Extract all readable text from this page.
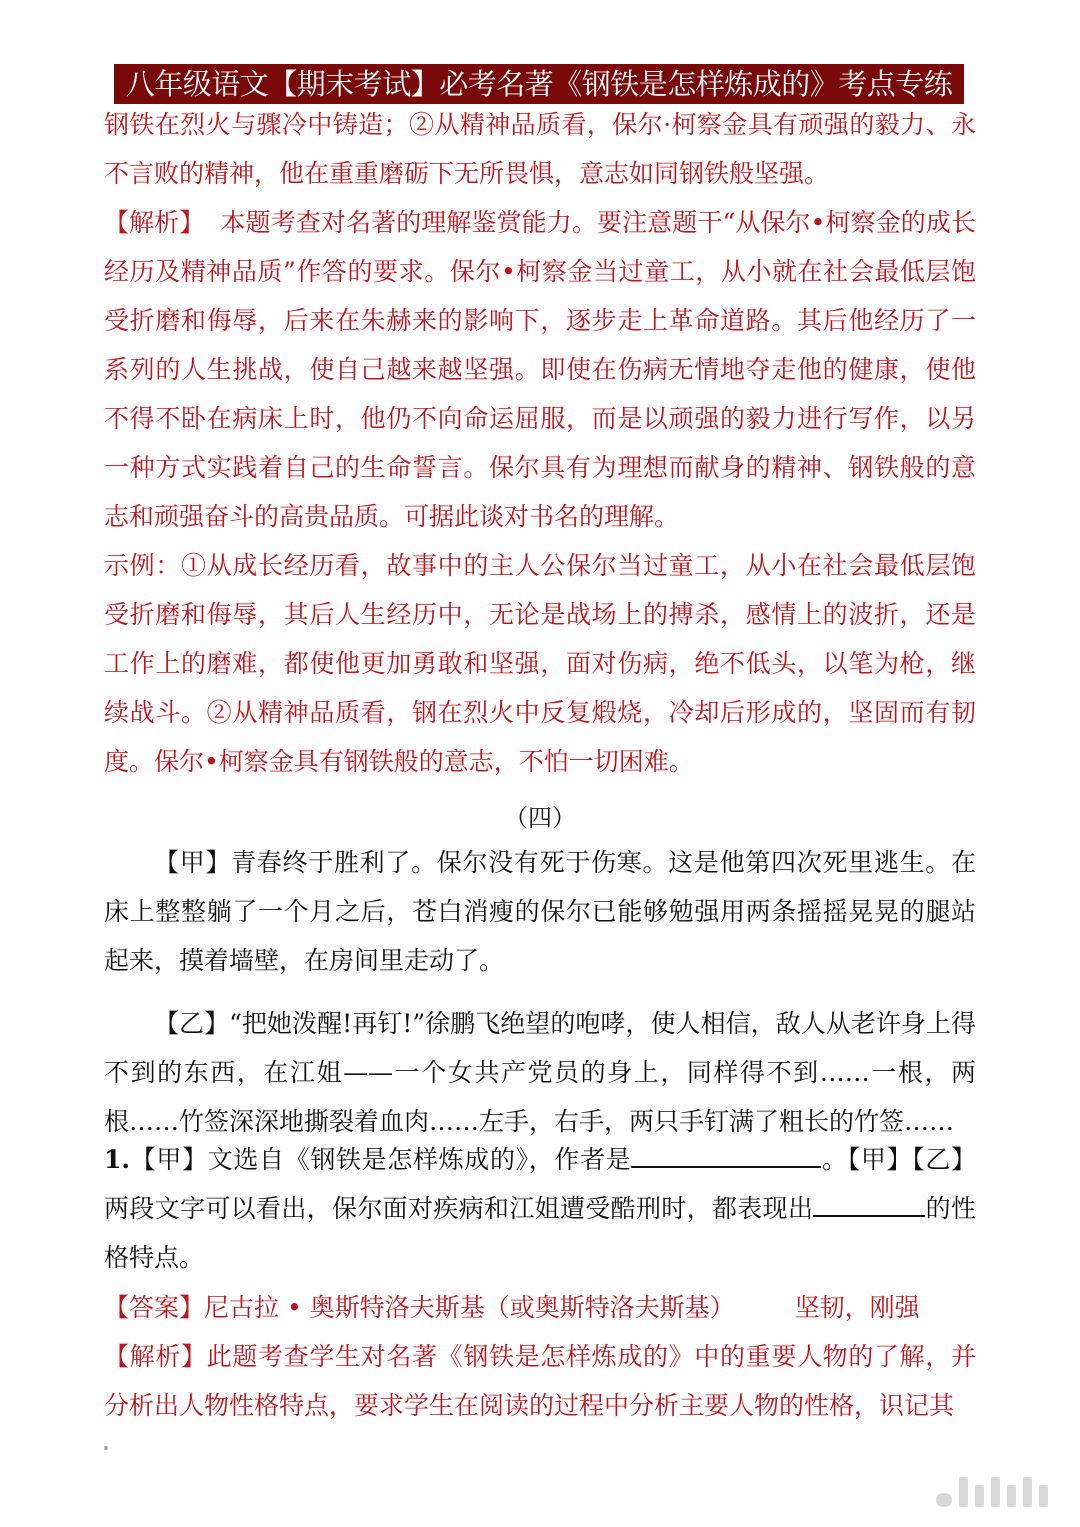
八年级语文【期末考试】必考名著《钢铁是怎样炼成的》考点专练

钢铁在烈火与骤冷中铸造；②从精神品质看，保尔·柯察金具有顽强的毅力、永不言败的精神，他在重重磨砺下无所畏惧，意志如同钢铁般坚强。

【解析】 本题考查对名著的理解鉴赏能力。要注意题干“从保尔•柯察金的成长经历及精神品质”作答的要求。保尔•柯察金当过童工，从小就在社会最低层饱受折磨和侮辱，后来在朱赫来的影响下，逐步走上革命道路。其后他经历了一系列的人生挑战，使自己越来越坚强。即使在伤病无情地夺走他的健康，使他不得不卧在病床上时，他仍不向命运屈服，而是以顽强的毅力进行写作，以另一种方式实践着自己的生命誓言。保尔具有为理想而献身的精神、钢铁般的意志和顽强奋斗的高贵品质。可据此谈对书名的理解。

示例：①从成长经历看，故事中的主人公保尔当过童工，从小在社会最低层饱受折磨和侮辱，其后人生经历中，无论是战场上的搏杀，感情上的波折，还是工作上的磨难，都使他更加勇敢和坚强，面对伤病，绝不低头，以笔为枪，继续战斗。②从精神品质看，钢在烈火中反复煅烧，冷却后形成的，坚固而有韧度。保尔•柯察金具有钢铁般的意志，不怕一切困难。

（四）

【甲】青春终于胜利了。保尔没有死于伤寒。这是他第四次死里逃生。在床上整整躺了一个月之后，苍白消瘦的保尔已能够勉强用两条摇摇晃晃的腿站起来，摸着墙壁，在房间里走动了。

【乙】“把她泼醒!再钉!”徐鹏飞绝望的咆哮，使人相信，敌人从老许身上得不到的东西，在江姐——一个女共产党员的身上，同样得不到……一根，两根……竹签深深地撕裂着血肉……左手，右手，两只手钉满了粗长的竹签……

1.【甲】文选自《钢铁是怎样炼成的》，作者是	。【甲】【乙】两段文字可以看出，保尔面对疾病和江姐遭受酷刑时，都表现出	的性格特点。

【答案】尼古拉 • 奥斯特洛夫斯基（或奥斯特洛夫斯基） 坚韧，刚强

【解析】此题考查学生对名著《钢铁是怎样炼成的》中的重要人物的了解，并分析出人物性格特点，要求学生在阅读的过程中分析主要人物的性格，识记其
